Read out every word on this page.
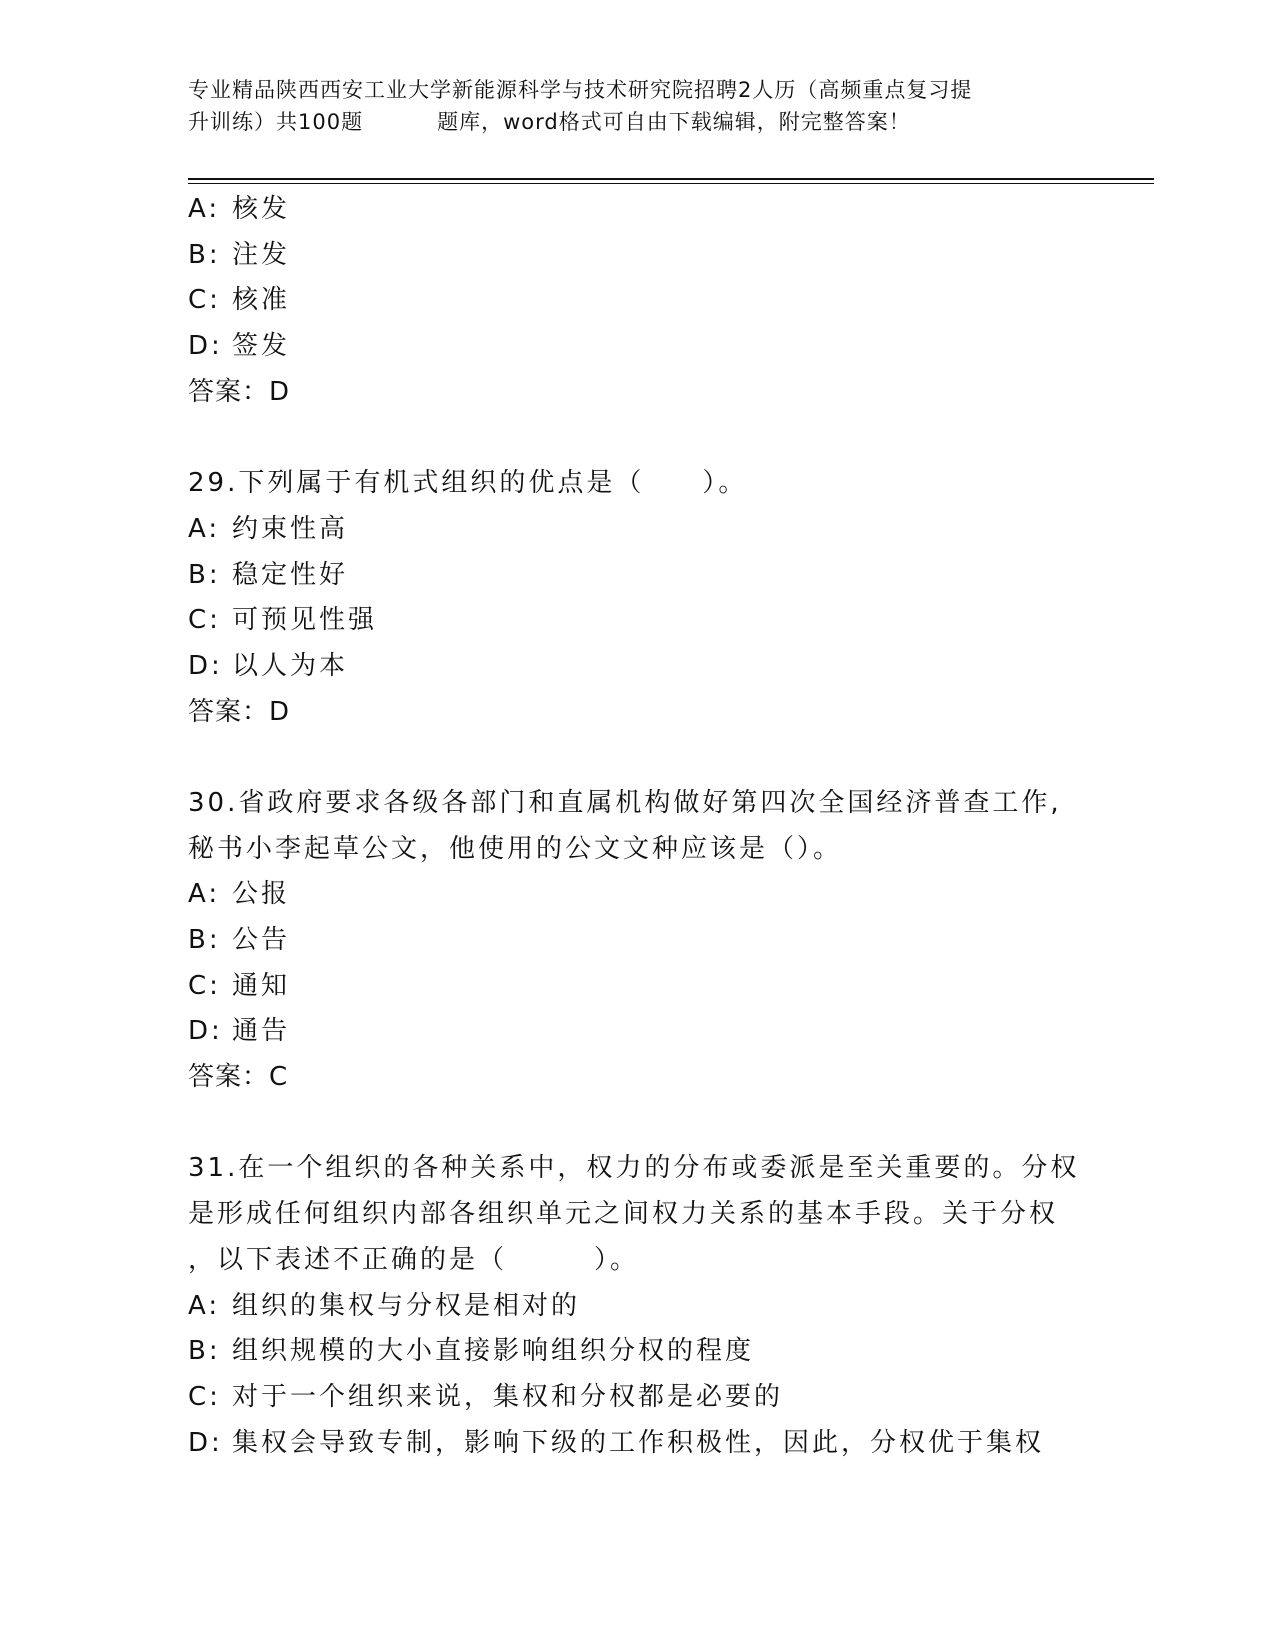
专业精品陕西西安工业大学新能源科学与技术研究院招聘2人历（高频重点复习提
升训练）共100题	题库，word格式可自由下载编辑，附完整答案！
A: 核发
B: 注发
C: 核准
D: 签发
答案：D
29.下列属于有机式组织的优点是（　　）。
A: 约束性高
B: 稳定性好
C: 可预见性强
D: 以人为本
答案：D
30.省政府要求各级各部门和直属机构做好第四次全国经济普查工作,
秘书小李起草公文，他使用的公文文种应该是（）。
A: 公报
B: 公告
C: 通知
D: 通告
答案：C
31.在一个组织的各种关系中，权力的分布或委派是至关重要的。分权
是形成任何组织内部各组织单元之间权力关系的基本手段。关于分权
，以下表述不正确的是（　　　）。
A: 组织的集权与分权是相对的
B: 组织规模的大小直接影响组织分权的程度
C: 对于一个组织来说，集权和分权都是必要的
D: 集权会导致专制，影响下级的工作积极性，因此，分权优于集权
